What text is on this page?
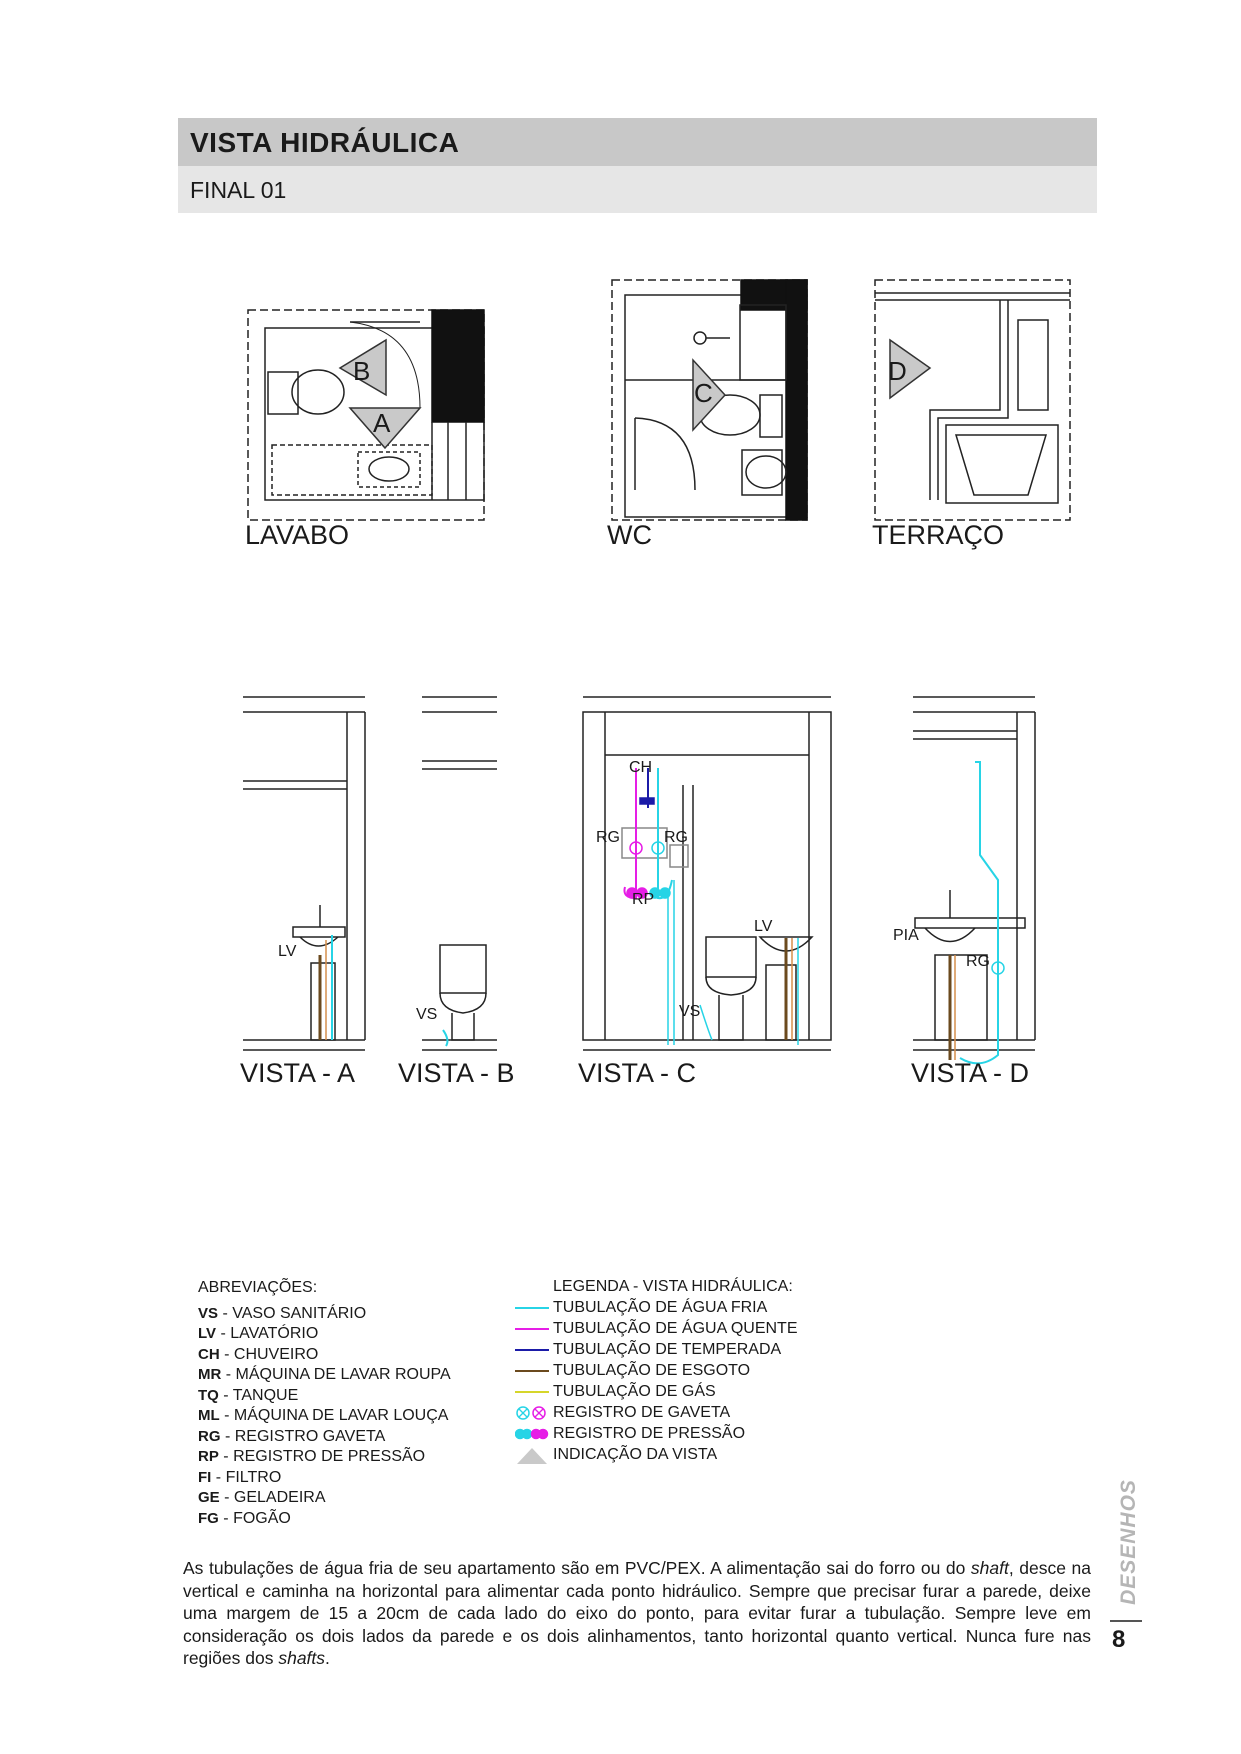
VISTA HIDRÁULICA
FINAL 01
LAVABO	WC	TERRAÇO
B
A
C
D
VISTA - A VISTA - B VISTA - C	VISTA - D
LV
VS
CH
RG	RG
RP
LV
VS
PIA
RG
ABREVIAÇÕES:
VS - VASO SANITÁRIO
LV - LAVATÓRIO
CH - CHUVEIRO
MR - MÁQUINA DE LAVAR ROUPA
TQ - TANQUE
ML - MÁQUINA DE LAVAR LOUÇA
RG - REGISTRO GAVETA
RP - REGISTRO DE PRESSÃO
FI - FILTRO
GE - GELADEIRA
FG - FOGÃO
LEGENDA - VISTA HIDRÁULICA:
TUBULAÇÃO DE ÁGUA FRIA
TUBULAÇÃO DE ÁGUA QUENTE
TUBULAÇÃO DE TEMPERADA
TUBULAÇÃO DE ESGOTO
TUBULAÇÃO DE GÁS
REGISTRO DE GAVETA
REGISTRO DE PRESSÃO
INDICAÇÃO DA VISTA
As tubulações de água fria de seu apartamento são em PVC/PEX. A alimentação sai do forro ou do shaft, desce na vertical e caminha na horizontal para alimentar cada ponto hidráulico. Sempre que precisar furar a parede, deixe uma margem de 15 a 20cm de cada lado do eixo do ponto, para evitar furar a tubulação. Sempre leve em consideração os dois lados da parede e os dois alinhamentos, tanto horizontal quanto vertical. Nunca fure nas regiões dos shafts.
DESENHOS
8
